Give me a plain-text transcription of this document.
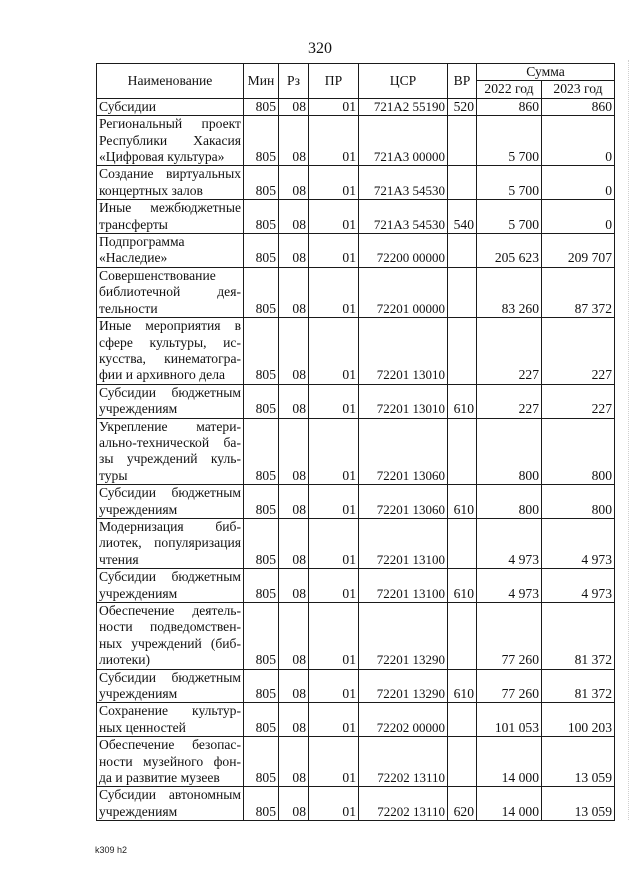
320
Наименование	Мин	Рз	ПР	ЦСР	ВР	Сумма	
						2022 год	2023 год
Субсидии	805	08	01	721А2 55190	520	860	860
Региональный проект Республики Хакасия «Цифровая культура»	805	08	01	721А3 00000		5 700	0
Создание виртуальных концертных залов	805	08	01	721А3 54530		5 700	0
Иные межбюджетные трансферты	805	08	01	721А3 54530	540	5 700	0
Подпрограмма «Наследие»	805	08	01	72200 00000		205 623	209 707
Совершенствование библиотечной дея- тельности	805	08	01	72201 00000		83 260	87 372
Иные мероприятия в сфере культуры, ис- кусства, кинематогра- фии и архивного дела	805	08	01	72201 13010		227	227
Субсидии бюджетным учреждениям	805	08	01	72201 13010	610	227	227
Укрепление матери- ально-технической ба- зы учреждений куль- туры	805	08	01	72201 13060		800	800
Субсидии бюджетным учреждениям	805	08	01	72201 13060	610	800	800
Модернизация биб- лиотек, популяризация чтения	805	08	01	72201 13100		4 973	4 973
Субсидии бюджетным учреждениям	805	08	01	72201 13100	610	4 973	4 973
Обеспечение деятель- ности подведомствен- ных учреждений (биб- лиотеки)	805	08	01	72201 13290		77 260	81 372
Субсидии бюджетным учреждениям	805	08	01	72201 13290	610	77 260	81 372
Сохранение культур- ных ценностей	805	08	01	72202 00000		101 053	100 203
Обеспечение безопас- ности музейного фон- да и развитие музеев	805	08	01	72202 13110		14 000	13 059
Субсидии автономным учреждениям	805	08	01	72202 13110	620	14 000	13 059
k309 h2
